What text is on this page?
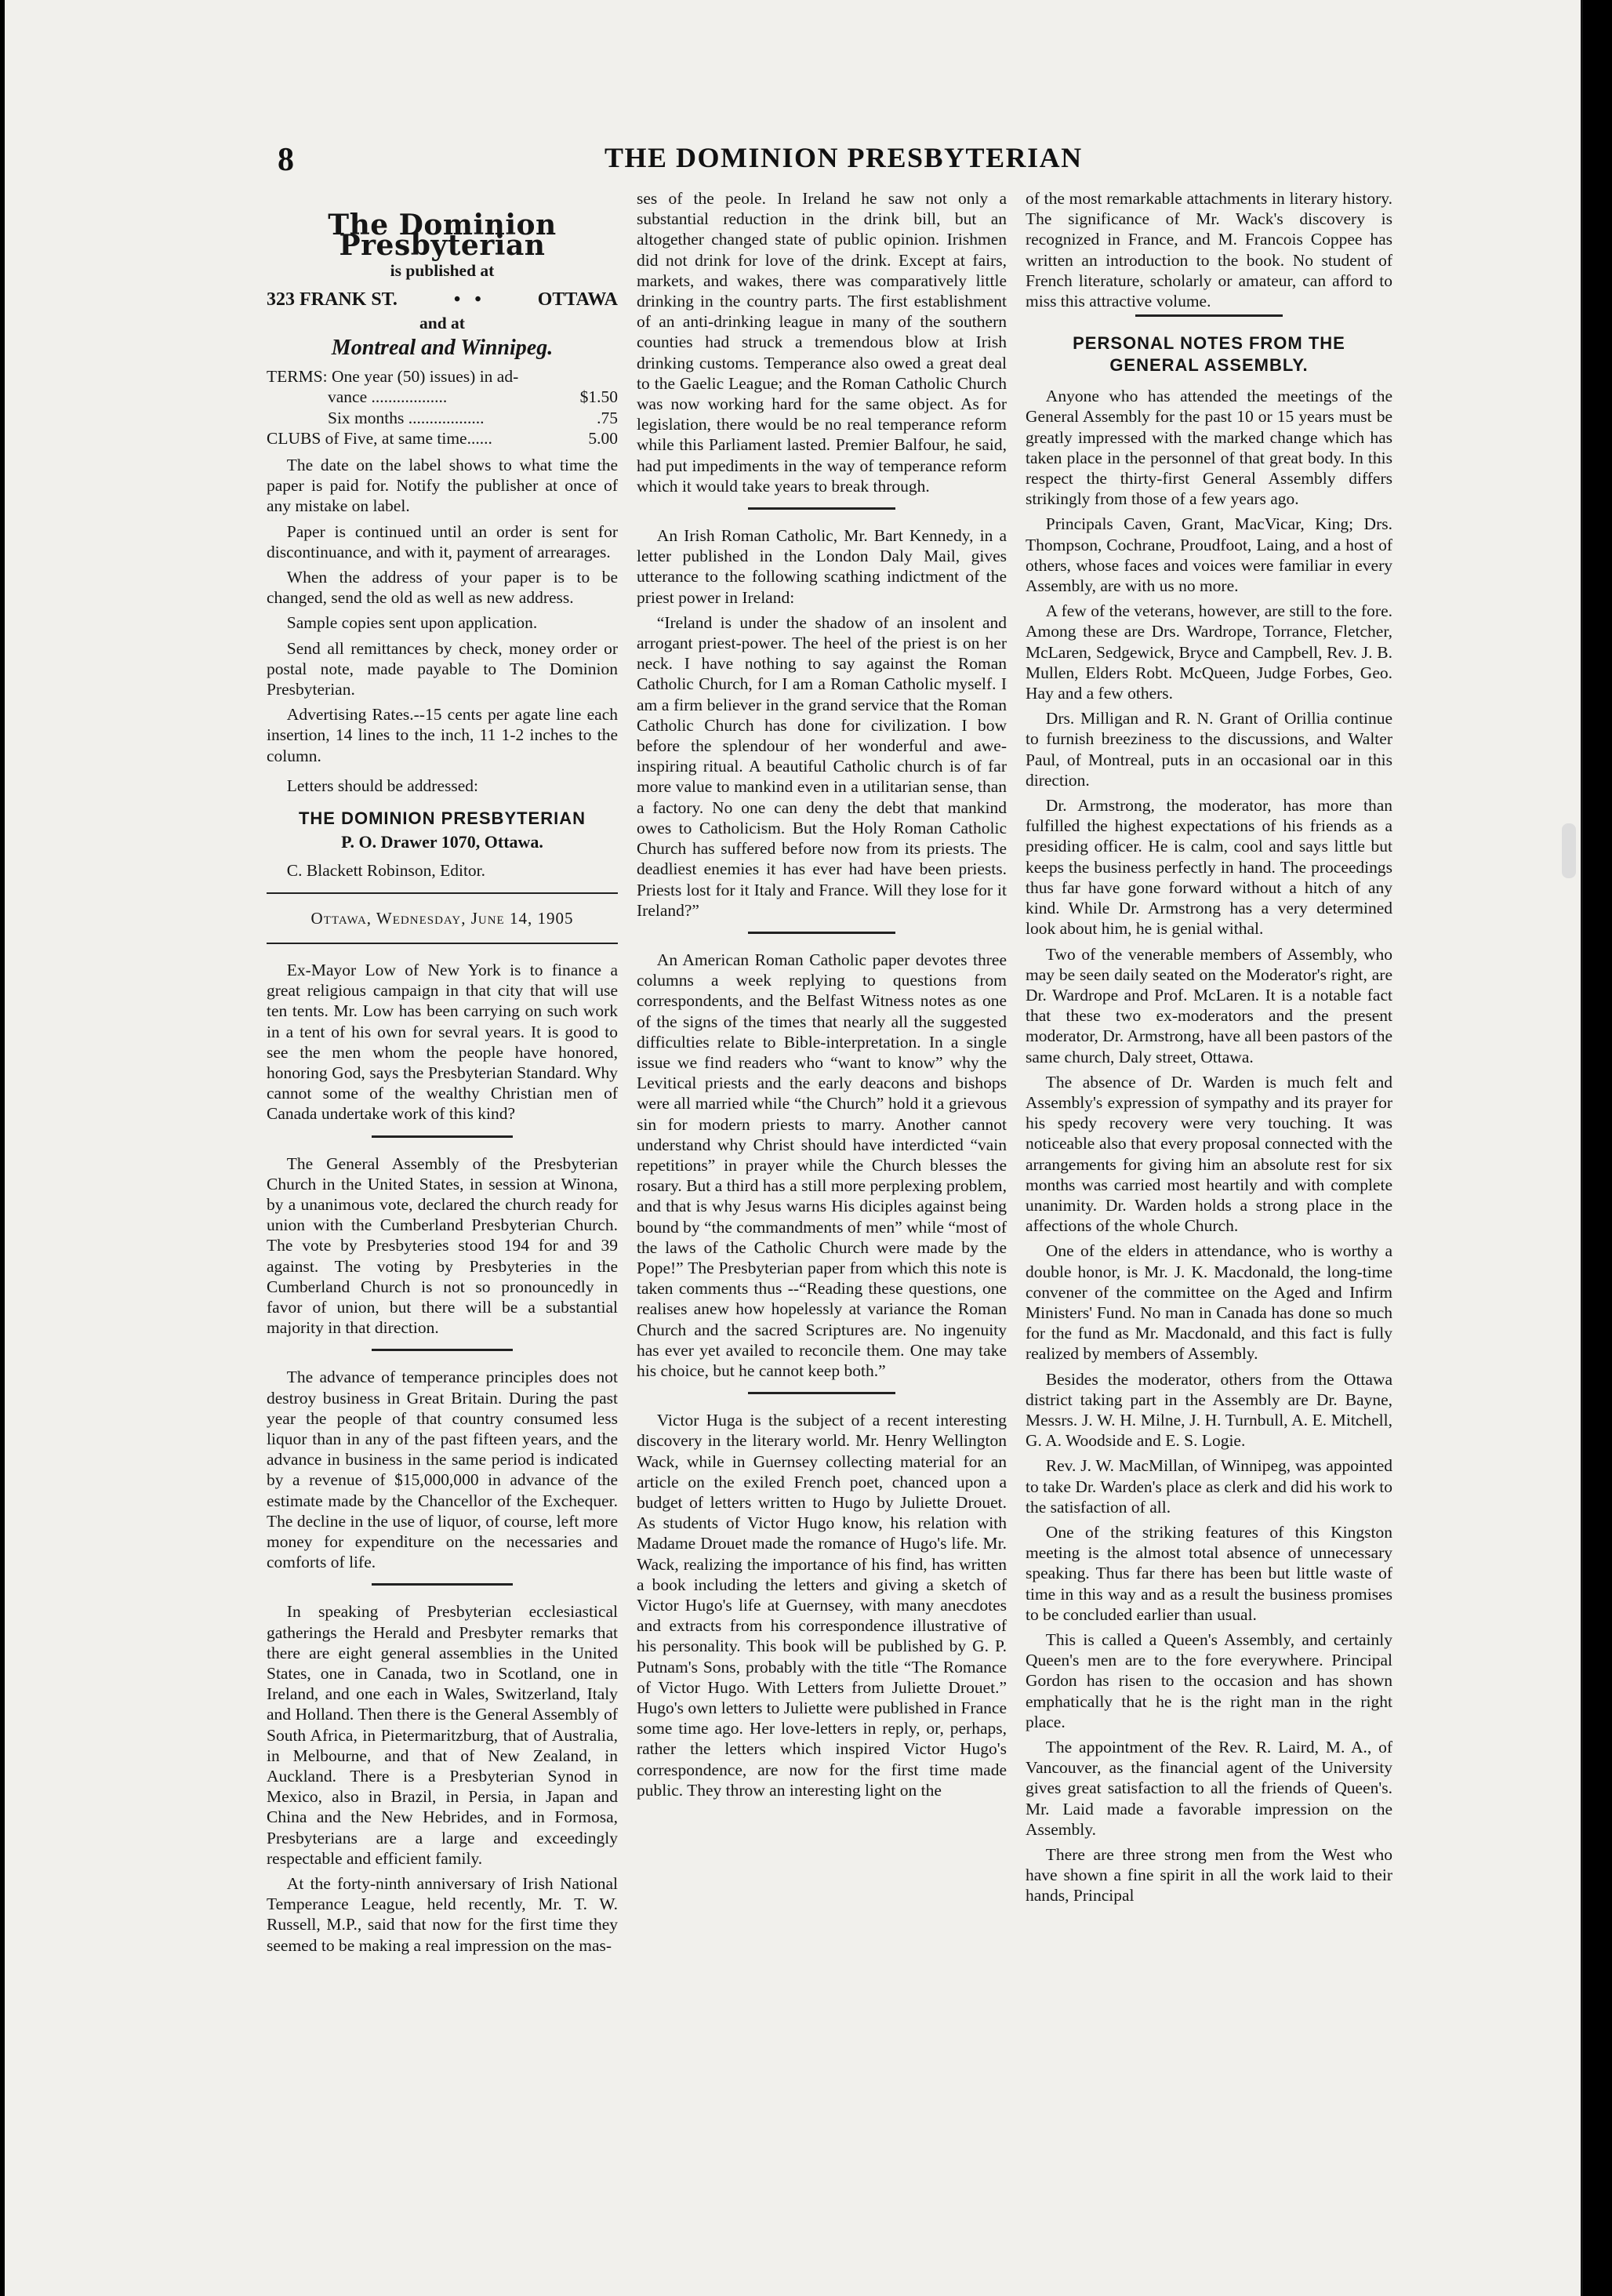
8	THE DOMINION PRESBYTERIAN
The Dominion Presbyterian
is published at
323 FRANK ST.	•   •	OTTAWA
and at
Montreal and Winnipeg.
TERMS: One year (50) issues) in ad-	
vance ..................	$1.50
Six months ..................	.75
CLUBS of Five, at same time......	5.00

The date on the label shows to what time the paper is paid for. Notify the publisher at once of any mistake on label.

Paper is continued until an order is sent for discontinuance, and with it, payment of arrearages.

When the address of your paper is to be changed, send the old as well as new address.

Sample copies sent upon application.

Send all remittances by check, money order or postal note, made payable to The Dominion Presbyterian.

Advertising Rates.--15 cents per agate line each insertion, 14 lines to the inch, 11 1-2 inches to the column.

Letters should be addressed:

THE DOMINION PRESBYTERIAN
P. O. Drawer 1070, Ottawa.

C. Blackett Robinson, Editor.

Ottawa, Wednesday, June 14, 1905

Ex-Mayor Low of New York is to finance a great religious campaign in that city that will use ten tents. Mr. Low has been carrying on such work in a tent of his own for sevral years. It is good to see the men whom the people have honored, honoring God, says the Presbyterian Standard. Why cannot some of the wealthy Christian men of Canada undertake work of this kind?

The General Assembly of the Presbyterian Church in the United States, in session at Winona, by a unanimous vote, declared the church ready for union with the Cumberland Presbyterian Church. The vote by Presbyteries stood 194 for and 39 against. The voting by Presbyteries in the Cumberland Church is not so pronouncedly in favor of union, but there will be a substantial majority in that direction.

The advance of temperance principles does not destroy business in Great Britain. During the past year the people of that country consumed less liquor than in any of the past fifteen years, and the advance in business in the same period is indicated by a revenue of $15,000,000 in advance of the estimate made by the Chancellor of the Exchequer. The decline in the use of liquor, of course, left more money for expenditure on the necessaries and comforts of life.

In speaking of Presbyterian ecclesiastical gatherings the Herald and Presbyter remarks that there are eight general assemblies in the United States, one in Canada, two in Scotland, one in Ireland, and one each in Wales, Switzerland, Italy and Holland. Then there is the General Assembly of South Africa, in Pietermaritzburg, that of Australia, in Melbourne, and that of New Zealand, in Auckland. There is a Presbyterian Synod in Mexico, also in Brazil, in Persia, in Japan and China and the New Hebrides, and in Formosa, Presbyterians are a large and exceedingly respectable and efficient family.

At the forty-ninth anniversary of Irish National Temperance League, held recently, Mr. T. W. Russell, M.P., said that now for the first time they seemed to be making a real impression on the mas-

ses of the peole. In Ireland he saw not only a substantial reduction in the drink bill, but an altogether changed state of public opinion. Irishmen did not drink for love of the drink. Except at fairs, markets, and wakes, there was comparatively little drinking in the country parts. The first establishment of an anti-drinking league in many of the southern counties had struck a tremendous blow at Irish drinking customs. Temperance also owed a great deal to the Gaelic League; and the Roman Catholic Church was now working hard for the same object. As for legislation, there would be no real temperance reform while this Parliament lasted. Premier Balfour, he said, had put impediments in the way of temperance reform which it would take years to break through.

An Irish Roman Catholic, Mr. Bart Kennedy, in a letter published in the London Daly Mail, gives utterance to the following scathing indictment of the priest power in Ireland:

“Ireland is under the shadow of an insolent and arrogant priest-power. The heel of the priest is on her neck. I have nothing to say against the Roman Catholic Church, for I am a Roman Catholic myself. I am a firm believer in the grand service that the Roman Catholic Church has done for civilization. I bow before the splendour of her wonderful and awe-inspiring ritual. A beautiful Catholic church is of far more value to mankind even in a utilitarian sense, than a factory. No one can deny the debt that mankind owes to Catholicism. But the Holy Roman Catholic Church has suffered before now from its priests. The deadliest enemies it has ever had have been priests. Priests lost for it Italy and France. Will they lose for it Ireland?”

An American Roman Catholic paper devotes three columns a week replying to questions from correspondents, and the Belfast Witness notes as one of the signs of the times that nearly all the suggested difficulties relate to Bible-interpretation. In a single issue we find readers who “want to know” why the Levitical priests and the early deacons and bishops were all married while “the Church” hold it a grievous sin for modern priests to marry. Another cannot understand why Christ should have interdicted “vain repetitions” in prayer while the Church blesses the rosary. But a third has a still more perplexing problem, and that is why Jesus warns His diciples against being bound by “the commandments of men” while “most of the laws of the Catholic Church were made by the Pope!” The Presbyterian paper from which this note is taken comments thus --“Reading these questions, one realises anew how hopelessly at variance the Roman Church and the sacred Scriptures are. No ingenuity has ever yet availed to reconcile them. One may take his choice, but he cannot keep both.”

Victor Huga is the subject of a recent interesting discovery in the literary world. Mr. Henry Wellington Wack, while in Guernsey collecting material for an article on the exiled French poet, chanced upon a budget of letters written to Hugo by Juliette Drouet. As students of Victor Hugo know, his relation with Madame Drouet made the romance of Hugo's life. Mr. Wack, realizing the importance of his find, has written a book including the letters and giving a sketch of Victor Hugo's life at Guernsey, with many anecdotes and extracts from his correspondence illustrative of his personality. This book will be published by G. P. Putnam's Sons, probably with the title “The Romance of Victor Hugo. With Letters from Juliette Drouet.” Hugo's own letters to Juliette were published in France some time ago. Her love-letters in reply, or, perhaps, rather the letters which inspired Victor Hugo's correspondence, are now for the first time made public. They throw an interesting light on the

of the most remarkable attachments in literary history. The significance of Mr. Wack's discovery is recognized in France, and M. Francois Coppee has written an introduction to the book. No student of French literature, scholarly or amateur, can afford to miss this attractive volume.

PERSONAL NOTES FROM THE GENERAL ASSEMBLY.

Anyone who has attended the meetings of the General Assembly for the past 10 or 15 years must be greatly impressed with the marked change which has taken place in the personnel of that great body. In this respect the thirty-first General Assembly differs strikingly from those of a few years ago.

Principals Caven, Grant, MacVicar, King; Drs. Thompson, Cochrane, Proudfoot, Laing, and a host of others, whose faces and voices were familiar in every Assembly, are with us no more.

A few of the veterans, however, are still to the fore. Among these are Drs. Wardrope, Torrance, Fletcher, McLaren, Sedgewick, Bryce and Campbell, Rev. J. B. Mullen, Elders Robt. McQueen, Judge Forbes, Geo. Hay and a few others.

Drs. Milligan and R. N. Grant of Orillia continue to furnish breeziness to the discussions, and Walter Paul, of Montreal, puts in an occasional oar in this direction.

Dr. Armstrong, the moderator, has more than fulfilled the highest expectations of his friends as a presiding officer. He is calm, cool and says little but keeps the business perfectly in hand. The proceedings thus far have gone forward without a hitch of any kind. While Dr. Armstrong has a very determined look about him, he is genial withal.

Two of the venerable members of Assembly, who may be seen daily seated on the Moderator's right, are Dr. Wardrope and Prof. McLaren. It is a notable fact that these two ex-moderators and the present moderator, Dr. Armstrong, have all been pastors of the same church, Daly street, Ottawa.

The absence of Dr. Warden is much felt and Assembly's expression of sympathy and its prayer for his spedy recovery were very touching. It was noticeable also that every proposal connected with the arrangements for giving him an absolute rest for six months was carried most heartily and with complete unanimity. Dr. Warden holds a strong place in the affections of the whole Church.

One of the elders in attendance, who is worthy a double honor, is Mr. J. K. Macdonald, the long-time convener of the committee on the Aged and Infirm Ministers' Fund. No man in Canada has done so much for the fund as Mr. Macdonald, and this fact is fully realized by members of Assembly.

Besides the moderator, others from the Ottawa district taking part in the Assembly are Dr. Bayne, Messrs. J. W. H. Milne, J. H. Turnbull, A. E. Mitchell, G. A. Woodside and E. S. Logie.

Rev. J. W. MacMillan, of Winnipeg, was appointed to take Dr. Warden's place as clerk and did his work to the satisfaction of all.

One of the striking features of this Kingston meeting is the almost total absence of unnecessary speaking. Thus far there has been but little waste of time in this way and as a result the business promises to be concluded earlier than usual.

This is called a Queen's Assembly, and certainly Queen's men are to the fore everywhere. Principal Gordon has risen to the occasion and has shown emphatically that he is the right man in the right place.

The appointment of the Rev. R. Laird, M. A., of Vancouver, as the financial agent of the University gives great satisfaction to all the friends of Queen's. Mr. Laid made a favorable impression on the Assembly.

There are three strong men from the West who have shown a fine spirit in all the work laid to their hands, Principal
